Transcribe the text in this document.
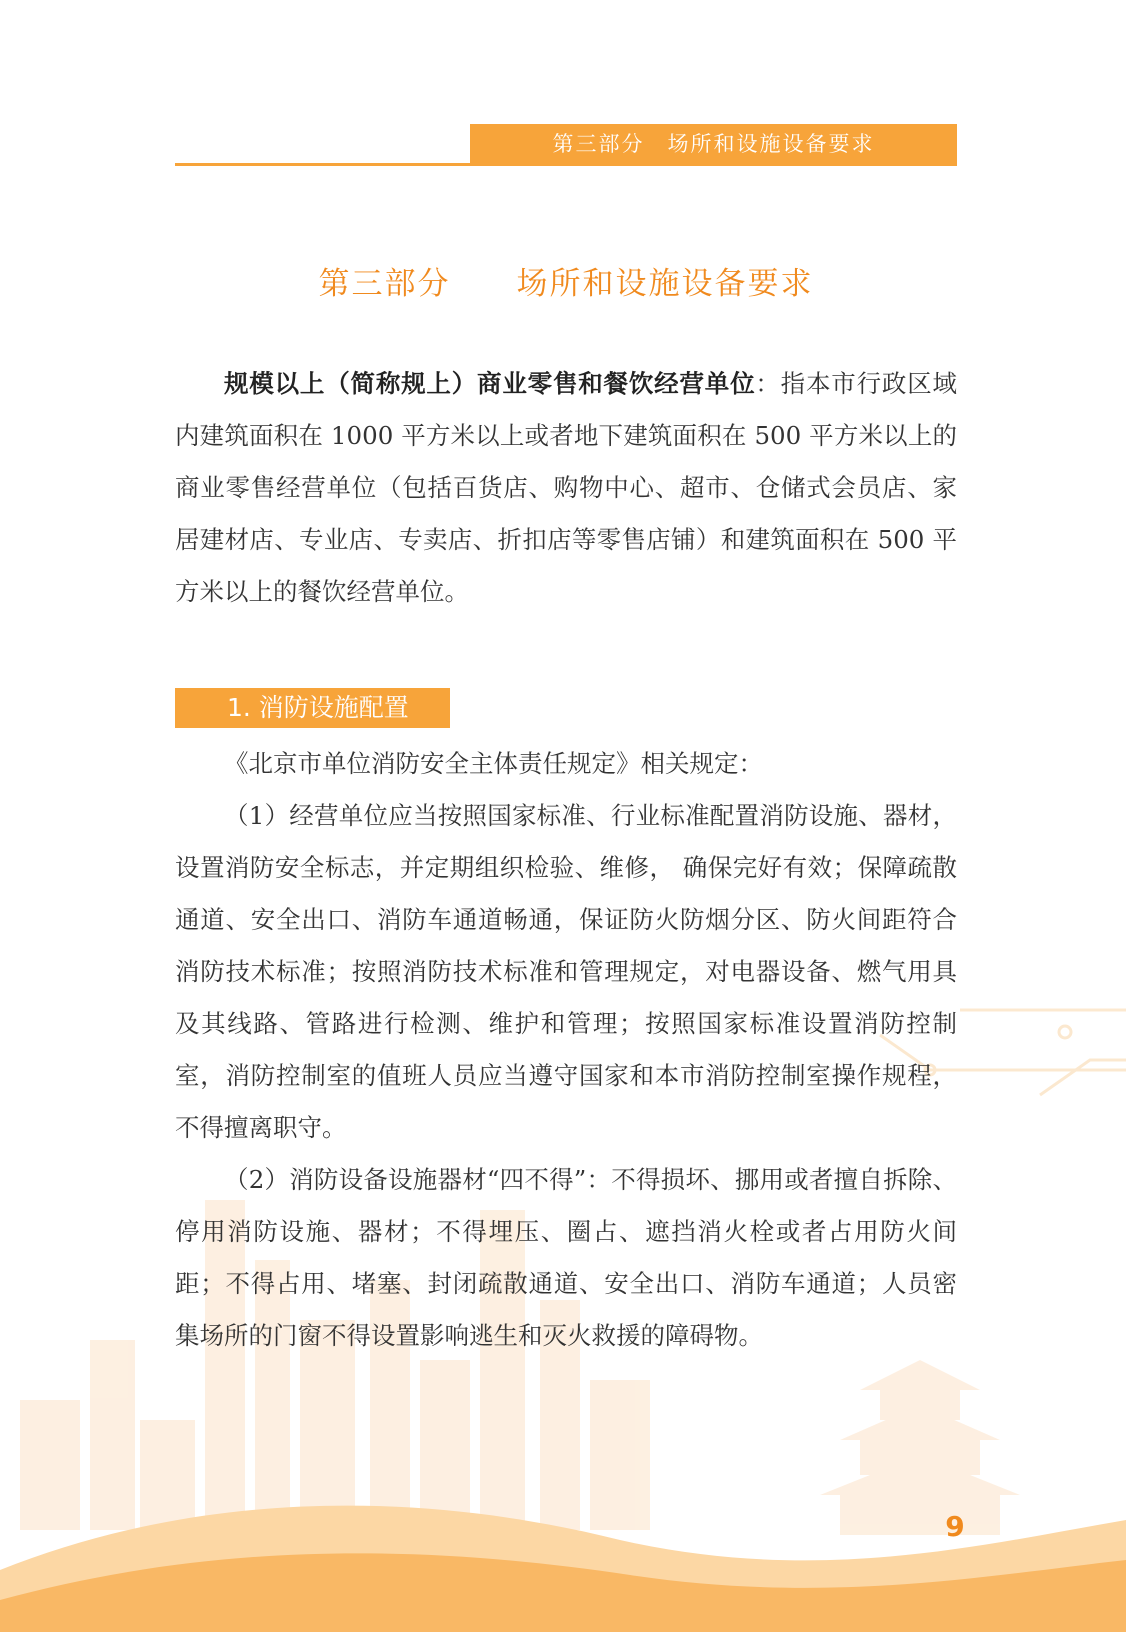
第三部分　场所和设施设备要求
第三部分　　场所和设施设备要求

规模以上（简称规上）商业零售和餐饮经营单位：指本市行政区域内建筑面积在 1000 平方米以上或者地下建筑面积在 500 平方米以上的商业零售经营单位（包括百货店、购物中心、超市、仓储式会员店、家居建材店、专业店、专卖店、折扣店等零售店铺）和建筑面积在 500 平方米以上的餐饮经营单位。

1. 消防设施配置

《北京市单位消防安全主体责任规定》相关规定：

（1）经营单位应当按照国家标准、行业标准配置消防设施、器材，设置消防安全标志，并定期组织检验、维修， 确保完好有效；保障疏散通道、安全出口、消防车通道畅通，保证防火防烟分区、防火间距符合消防技术标准；按照消防技术标准和管理规定，对电器设备、燃气用具及其线路、管路进行检测、维护和管理；按照国家标准设置消防控制室，消防控制室的值班人员应当遵守国家和本市消防控制室操作规程，不得擅离职守。

（2）消防设备设施器材“四不得”：不得损坏、挪用或者擅自拆除、停用消防设施、器材；不得埋压、圈占、遮挡消火栓或者占用防火间距；不得占用、堵塞、封闭疏散通道、安全出口、消防车通道；人员密集场所的门窗不得设置影响逃生和灭火救援的障碍物。

9
